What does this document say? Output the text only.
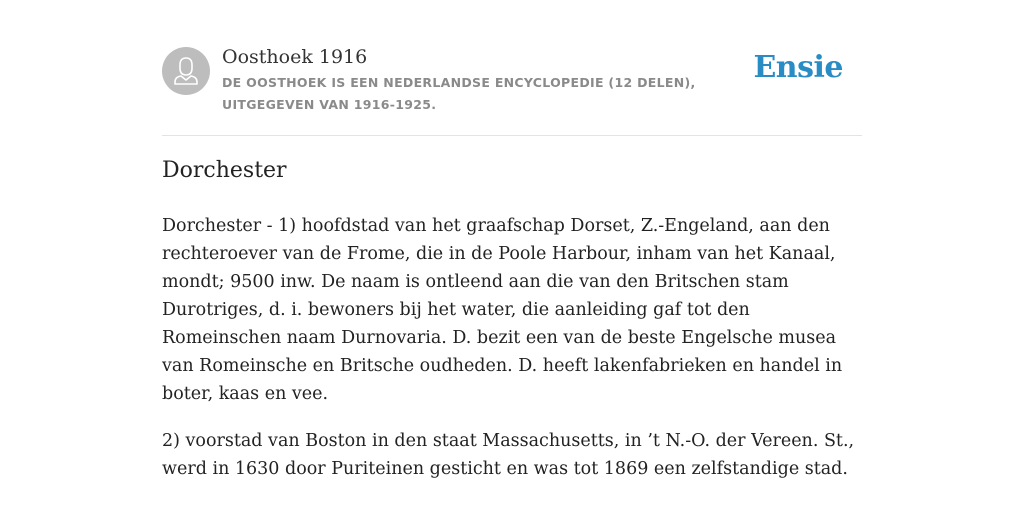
Oosthoek 1916
DE OOSTHOEK IS EEN NEDERLANDSE ENCYCLOPEDIE (12 DELEN), UITGEGEVEN VAN 1916-1925.
Ensie
Dorchester

Dorchester - 1) hoofdstad van het graafschap Dorset, Z.-Engeland, aan den rechteroever van de Frome, die in de Poole Harbour, inham van het Kanaal, mondt; 9500 inw. De naam is ontleend aan die van den Britschen stam Durotriges, d. i. bewoners bij het water, die aanleiding gaf tot den Romeinschen naam Durnovaria. D. bezit een van de beste Engelsche musea van Romeinsche en Britsche oudheden. D. heeft lakenfabrieken en handel in boter, kaas en vee.

2) voorstad van Boston in den staat Massachusetts, in ’t N.-O. der Vereen. St., werd in 1630 door Puriteinen gesticht en was tot 1869 een zelfstandige stad.
